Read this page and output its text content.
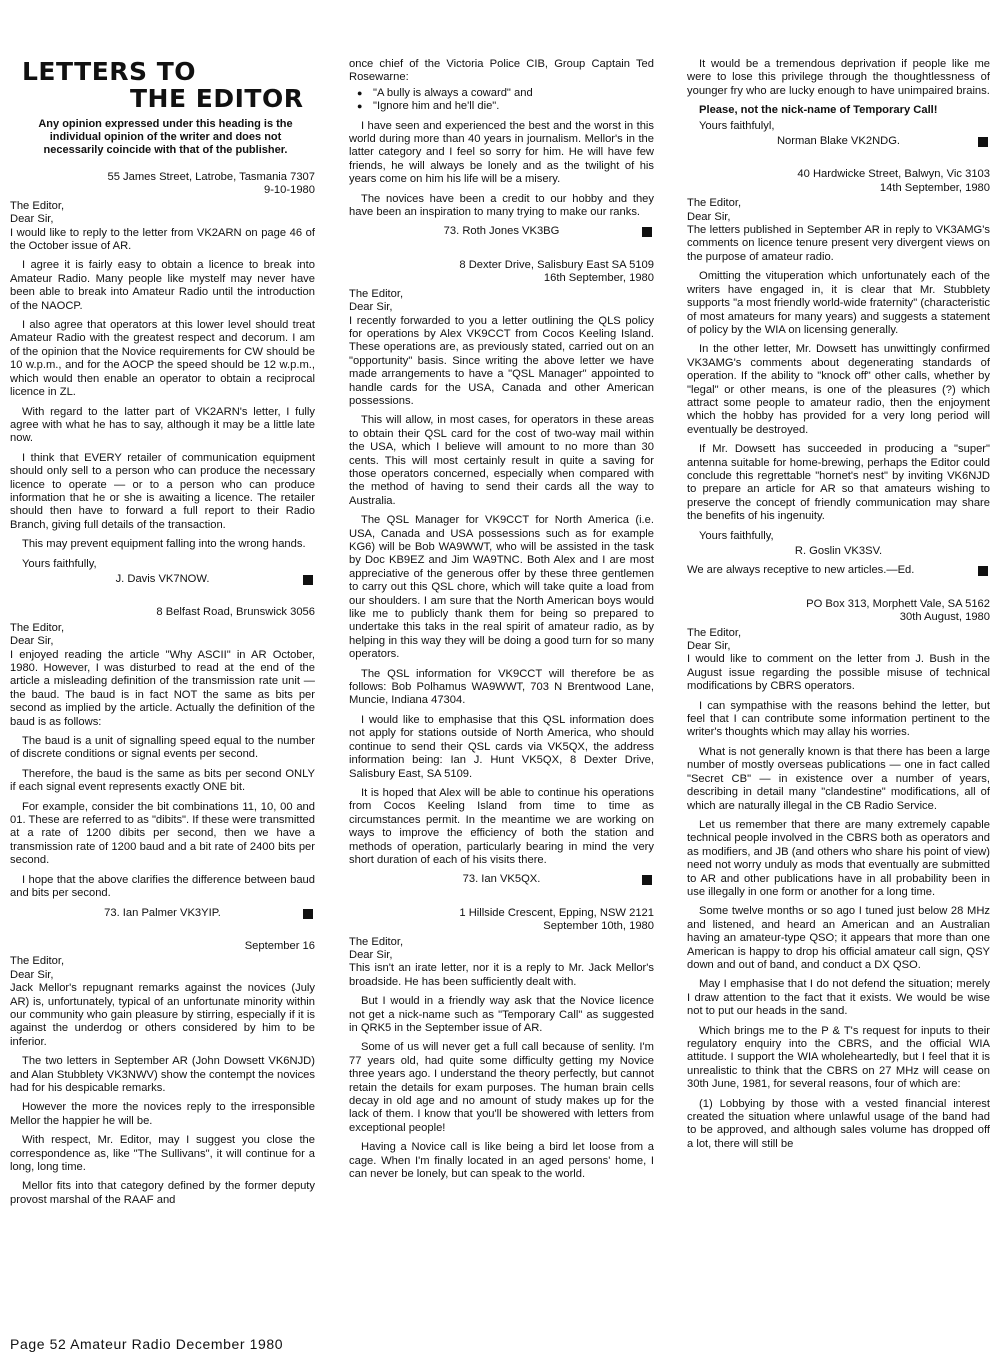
LETTERS TO
THE EDITOR
Any opinion expressed under this heading is the individual opinion of the writer and does not necessarily coincide with that of the publisher.
55 James Street, Latrobe, Tasmania 7307
9-10-1980

The Editor,

Dear Sir,

I would like to reply to the letter from VK2ARN on page 46 of the October issue of AR.

I agree it is fairly easy to obtain a licence to break into Amateur Radio. Many people like mystelf may never have been able to break into Amateur Radio until the introduction of the NAOCP.

I also agree that operators at this lower level should treat Amateur Radio with the greatest respect and decorum. I am of the opinion that the Novice requirements for CW should be 10 w.p.m., and for the AOCP the speed should be 12 w.p.m., which would then enable an operator to obtain a reciprocal licence in ZL.

With regard to the latter part of VK2ARN's letter, I fully agree with what he has to say, although it may be a little late now.

I think that EVERY retailer of communication equipment should only sell to a person who can produce the necessary licence to operate — or to a person who can produce information that he or she is awaiting a licence. The retailer should then have to forward a full report to their Radio Branch, giving full details of the transaction.

This may prevent equipment falling into the wrong hands.

Yours faithfully,
J. Davis VK7NOW.
8 Belfast Road, Brunswick 3056

The Editor,

Dear Sir,

I enjoyed reading the article "Why ASCII" in AR October, 1980. However, I was disturbed to read at the end of the article a misleading definition of the transmission rate unit — the baud. The baud is in fact NOT the same as bits per second as implied by the article. Actually the definition of the baud is as follows:

The baud is a unit of signalling speed equal to the number of discrete conditions or signal events per second.

Therefore, the baud is the same as bits per second ONLY if each signal event represents exactly ONE bit.

For example, consider the bit combinations 11, 10, 00 and 01. These are referred to as "dibits". If these were transmitted at a rate of 1200 dibits per second, then we have a transmission rate of 1200 baud and a bit rate of 2400 bits per second.

I hope that the above clarifies the difference between baud and bits per second.

73. Ian Palmer VK3YIP.
September 16

The Editor,

Dear Sir,

Jack Mellor's repugnant remarks against the novices (July AR) is, unfortunately, typical of an unfortunate minority within our community who gain pleasure by stirring, especially if it is against the underdog or others considered by him to be inferior.

The two letters in September AR (John Dowsett VK6NJD) and Alan Stubblety VK3NWV) show the contempt the novices had for his despicable remarks.

However the more the novices reply to the irresponsible Mellor the happier he will be.

With respect, Mr. Editor, may I suggest you close the correspondence as, like "The Sullivans", it will continue for a long, long time.

Mellor fits into that category defined by the former deputy provost marshal of the RAAF and

once chief of the Victoria Police CIB, Group Captain Ted Rosewarne:

● "A bully is always a coward" and
● "Ignore him and he'll die".

I have seen and experienced the best and the worst in this world during more than 40 years in journalism. Mellor's in the latter category and I feel so sorry for him. He will have few friends, he will always be lonely and as the twilight of his years come on him his life will be a misery.

The novices have been a credit to our hobby and they have been an inspiration to many trying to make our ranks.

73. Roth Jones VK3BG
8 Dexter Drive, Salisbury East SA 5109
16th September, 1980

The Editor,

Dear Sir,

I recently forwarded to you a letter outlining the QLS policy for operations by Alex VK9CCT from Cocos Keeling Island. These operations are, as previously stated, carried out on an "opportunity" basis. Since writing the above letter we have made arrangements to have a "QSL Manager" appointed to handle cards for the USA, Canada and other American possessions.

This will allow, in most cases, for operators in these areas to obtain their QSL card for the cost of two-way mail within the USA, which I believe will amount to no more than 30 cents. This will most certainly result in quite a saving for those operators concerned, especially when compared with the method of having to send their cards all the way to Australia.

The QSL Manager for VK9CCT for North America (i.e. USA, Canada and USA possessions such as for example KG6) will be Bob WA9WWT, who will be assisted in the task by Doc KB9EZ and Jim WA9TNC. Both Alex and I are most appreciative of the generous offer by these three gentlemen to carry out this QSL chore, which will take quite a load from our shoulders. I am sure that the North American boys would like me to publicly thank them for being so prepared to undertake this taks in the real spirit of amateur radio, as by helping in this way they will be doing a good turn for so many operators.

The QSL information for VK9CCT will therefore be as follows: Bob Polhamus WA9WWT, 703 N Brentwood Lane, Muncie, Indiana 47304.

I would like to emphasise that this QSL information does not apply for stations outside of North America, who should continue to send their QSL cards via VK5QX, the address information being: Ian J. Hunt VK5QX, 8 Dexter Drive, Salisbury East, SA 5109.

It is hoped that Alex will be able to continue his operations from Cocos Keeling Island from time to time as circumstances permit. In the meantime we are working on ways to improve the efficiency of both the station and methods of operation, particularly bearing in mind the very short duration of each of his visits there.

73. Ian VK5QX.
1 Hillside Crescent, Epping, NSW 2121
September 10th, 1980

The Editor,

Dear Sir,

This isn't an irate letter, nor it is a reply to Mr. Jack Mellor's broadside. He has been sufficiently dealt with.

But I would in a friendly way ask that the Novice licence not get a nick-name such as "Temporary Call" as suggested in QRK5 in the September issue of AR.

Some of us will never get a full call because of senlity. I'm 77 years old, had quite some difficulty getting my Novice three years ago. I understand the theory perfectly, but cannot retain the details for exam purposes. The human brain cells decay in old age and no amount of study makes up for the lack of them. I know that you'll be showered with letters from exceptional people!

Having a Novice call is like being a bird let loose from a cage. When I'm finally located in an aged persons' home, I can never be lonely, but can speak to the world.

It would be a tremendous deprivation if people like me were to lose this privilege through the thoughtlessness of younger fry who are lucky enough to have unimpaired brains.

Please, not the nick-name of Temporary Call!

Yours faithfulyl,
Norman Blake VK2NDG.
40 Hardwicke Street, Balwyn, Vic 3103
14th September, 1980

The Editor,

Dear Sir,

The letters published in September AR in reply to VK3AMG's comments on licence tenure present very divergent views on the purpose of amateur radio.

Omitting the vituperation which unfortunately each of the writers have engaged in, it is clear that Mr. Stubblety supports "a most friendly world-wide fraternity" (characteristic of most amateurs for many years) and suggests a statement of policy by the WIA on licensing generally.

In the other letter, Mr. Dowsett has unwittingly confirmed VK3AMG's comments about degenerating standards of operation. If the ability to "knock off" other calls, whether by "legal" or other means, is one of the pleasures (?) which attract some people to amateur radio, then the enjoyment which the hobby has provided for a very long period will eventually be destroyed.

If Mr. Dowsett has succeeded in producing a "super" antenna suitable for home-brewing, perhaps the Editor could conclude this regrettable "hornet's nest" by inviting VK6NJD to prepare an article for AR so that amateurs wishing to preserve the concept of friendly communication may share the benefits of his ingenuity.

Yours faithfully,
R. Goslin VK3SV.
We are always receptive to new articles.—Ed.
PO Box 313, Morphett Vale, SA 5162
30th August, 1980

The Editor,

Dear Sir,

I would like to comment on the letter from J. Bush in the August issue regarding the possible misuse of technical modifications by CBRS operators.

I can sympathise with the reasons behind the letter, but feel that I can contribute some information pertinent to the writer's thoughts which may allay his worries.

What is not generally known is that there has been a large number of mostly overseas publications — one in fact called "Secret CB" — in existence over a number of years, describing in detail many "clandestine" modifications, all of which are naturally illegal in the CB Radio Service.

Let us remember that there are many extremely capable technical people involved in the CBRS both as operators and as modifiers, and JB (and others who share his point of view) need not worry unduly as mods that eventually are submitted to AR and other publications have in all probability been in use illegally in one form or another for a long time.

Some twelve months or so ago I tuned just below 28 MHz and listened, and heard an American and an Australian having an amateur-type QSO; it appears that more than one American is happy to drop his official amateur call sign, QSY down and out of band, and conduct a DX QSO.

May I emphasise that I do not defend the situation; merely I draw attention to the fact that it exists. We would be wise not to put our heads in the sand.

Which brings me to the P & T's request for inputs to their regulatory enquiry into the CBRS, and the official WIA attitude. I support the WIA wholeheartedly, but I feel that it is unrealistic to think that the CBRS on 27 MHz will cease on 30th June, 1981, for several reasons, four of which are:

(1) Lobbying by those with a vested financial interest created the situation where unlawful usage of the band had to be approved, and although sales volume has dropped off a lot, there will still be

Page 52 Amateur Radio December 1980
